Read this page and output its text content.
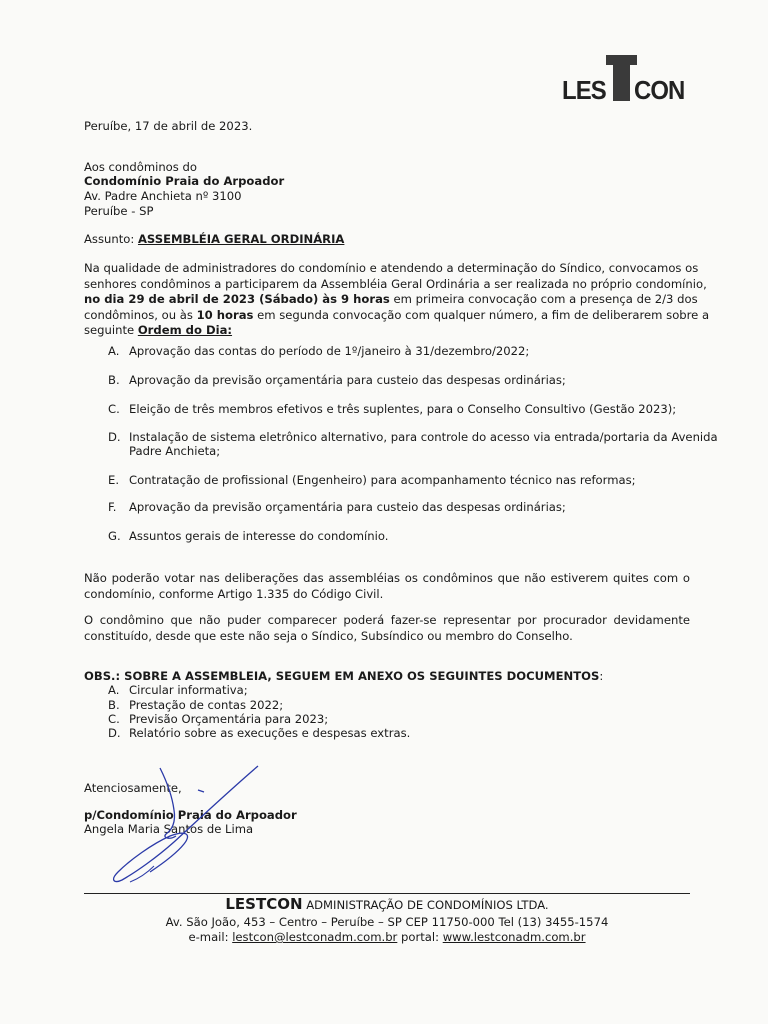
LES CON
Peruíbe, 17 de abril de 2023.
Aos condôminos do
Condomínio Praia do Arpoador
Av. Padre Anchieta nº 3100
Peruíbe - SP
Assunto: ASSEMBLÉIA GERAL ORDINÁRIA
Na qualidade de administradores do condomínio e atendendo a determinação do Síndico, convocamos os
senhores condôminos a participarem da Assembléia Geral Ordinária a ser realizada no próprio condomínio,
no dia 29 de abril de 2023 (Sábado) às 9 horas em primeira convocação com a presença de 2/3 dos
condôminos, ou às 10 horas em segunda convocação com qualquer número, a fim de deliberarem sobre a
seguinte Ordem do Dia:
A. Aprovação das contas do período de 1º/janeiro à 31/dezembro/2022;
B. Aprovação da previsão orçamentária para custeio das despesas ordinárias;
C. Eleição de três membros efetivos e três suplentes, para o Conselho Consultivo (Gestão 2023);
D. Instalação de sistema eletrônico alternativo, para controle do acesso via entrada/portaria da Avenida
Padre Anchieta;
E. Contratação de profissional (Engenheiro) para acompanhamento técnico nas reformas;
F. Aprovação da previsão orçamentária para custeio das despesas ordinárias;
G. Assuntos gerais de interesse do condomínio.
Não poderão votar nas deliberações das assembléias os condôminos que não estiverem quites com o
condomínio, conforme Artigo 1.335 do Código Civil.
O condômino que não puder comparecer poderá fazer-se representar por procurador devidamente
constituído, desde que este não seja o Síndico, Subsíndico ou membro do Conselho.
OBS.: SOBRE A ASSEMBLEIA, SEGUEM EM ANEXO OS SEGUINTES DOCUMENTOS:
A. Circular informativa;
B. Prestação de contas 2022;
C. Previsão Orçamentária para 2023;
D. Relatório sobre as execuções e despesas extras.
Atenciosamente,
p/Condomínio Praia do Arpoador
Angela Maria Santos de Lima
LESTCON ADMINISTRAÇÃO DE CONDOMÍNIOS LTDA.
Av. São João, 453 – Centro – Peruíbe – SP CEP 11750-000 Tel (13) 3455-1574
e-mail: lestcon@lestconadm.com.br portal: www.lestconadm.com.br
